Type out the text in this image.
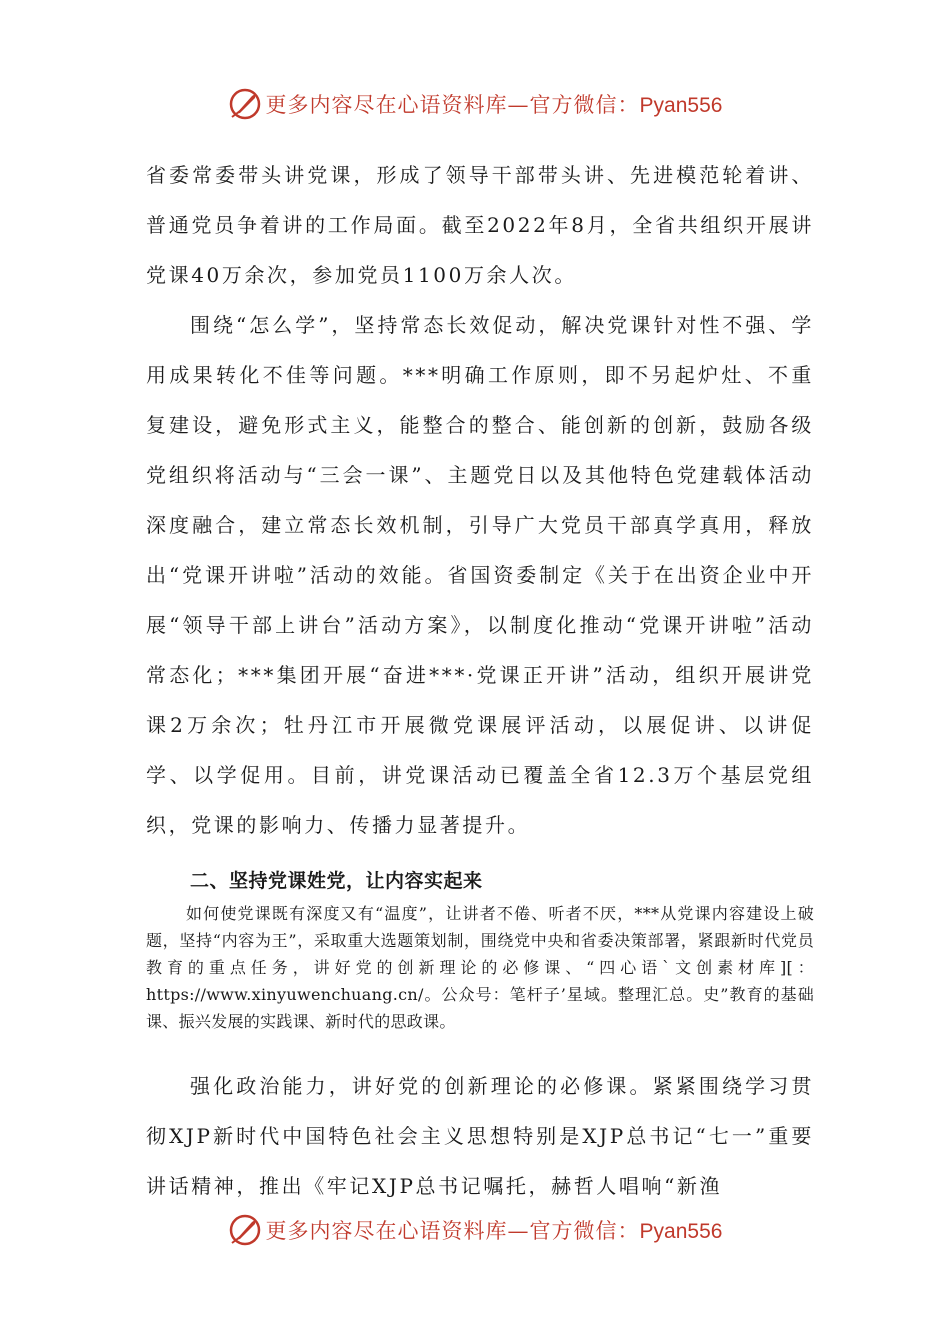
更多内容尽在心语资料库—官方微信：Pyan556

省委常委带头讲党课，形成了领导干部带头讲、先进模范轮着讲、普通党员争着讲的工作局面。截至2022年8月，全省共组织开展讲党课40万余次，参加党员1100万余人次。

围绕“怎么学”，坚持常态长效促动，解决党课针对性不强、学用成果转化不佳等问题。***明确工作原则，即不另起炉灶、不重复建设，避免形式主义，能整合的整合、能创新的创新，鼓励各级党组织将活动与“三会一课”、主题党日以及其他特色党建载体活动深度融合，建立常态长效机制，引导广大党员干部真学真用，释放出“党课开讲啦”活动的效能。省国资委制定《关于在出资企业中开展“领导干部上讲台”活动方案》，以制度化推动“党课开讲啦”活动常态化；***集团开展“奋进***·党课正开讲”活动，组织开展讲党课2万余次；牡丹江市开展微党课展评活动，以展促讲、以讲促学、以学促用。目前，讲党课活动已覆盖全省12.3万个基层党组织，党课的影响力、传播力显著提升。

二、坚持党课姓党，让内容实起来

如何使党课既有深度又有“温度”，让讲者不倦、听者不厌，***从党课内容建设上破题，坚持“内容为王”，采取重大选题策划制，围绕党中央和省委决策部署，紧跟新时代党员教育的重点任务，讲好党的创新理论的必修课、“四心语`文创素材库][：https://www.xinyuwenchuang.cn/。公众号：笔杆子’星域。整理汇总。史”教育的基础课、振兴发展的实践课、新时代的思政课。

强化政治能力，讲好党的创新理论的必修课。紧紧围绕学习贯彻XJP新时代中国特色社会主义思想特别是XJP总书记“七一”重要讲话精神，推出《牢记XJP总书记嘱托，赫哲人唱响“新渔

更多内容尽在心语资料库—官方微信：Pyan556
